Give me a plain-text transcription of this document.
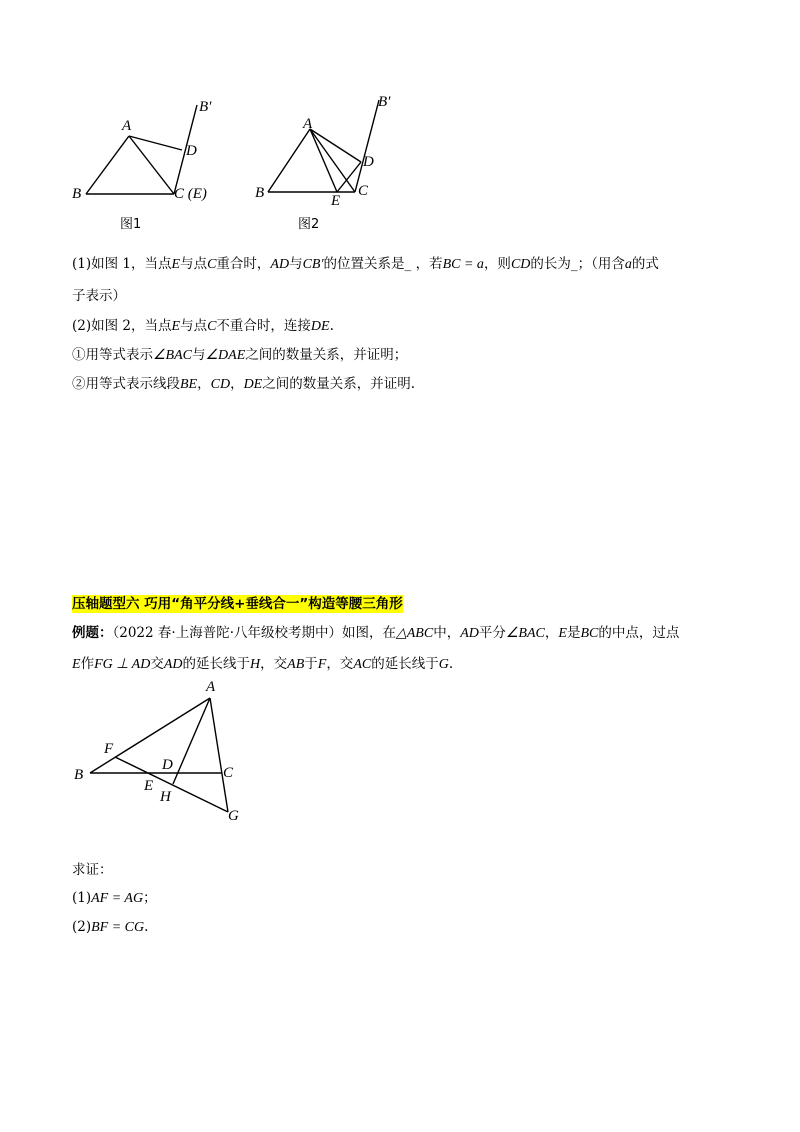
A
B	C (E)
D
B′
图1
A
B	E
C
D
B′
图2
(1)如图 1，当点E与点C重合时，AD与CB′的位置关系是_ ，若BC = a，则CD的长为_；（用含a的式
子表示）
(2)如图 2，当点E与点C不重合时，连接DE.
①用等式表示∠BAC与∠DAE之间的数量关系，并证明；
②用等式表示线段BE，CD，DE之间的数量关系，并证明.
压轴题型六 巧用“角平分线+垂线合一”构造等腰三角形
例题：（2022 春·上海普陀·八年级校考期中）如图，在△ABC中，AD平分∠BAC，E是BC的中点，过点
E作FG ⊥ AD交AD的延长线于H，交AB于F，交AC的延长线于G.
A
F
D
B	C
E
H
G
求证：
(1)AF = AG；
(2)BF = CG.
